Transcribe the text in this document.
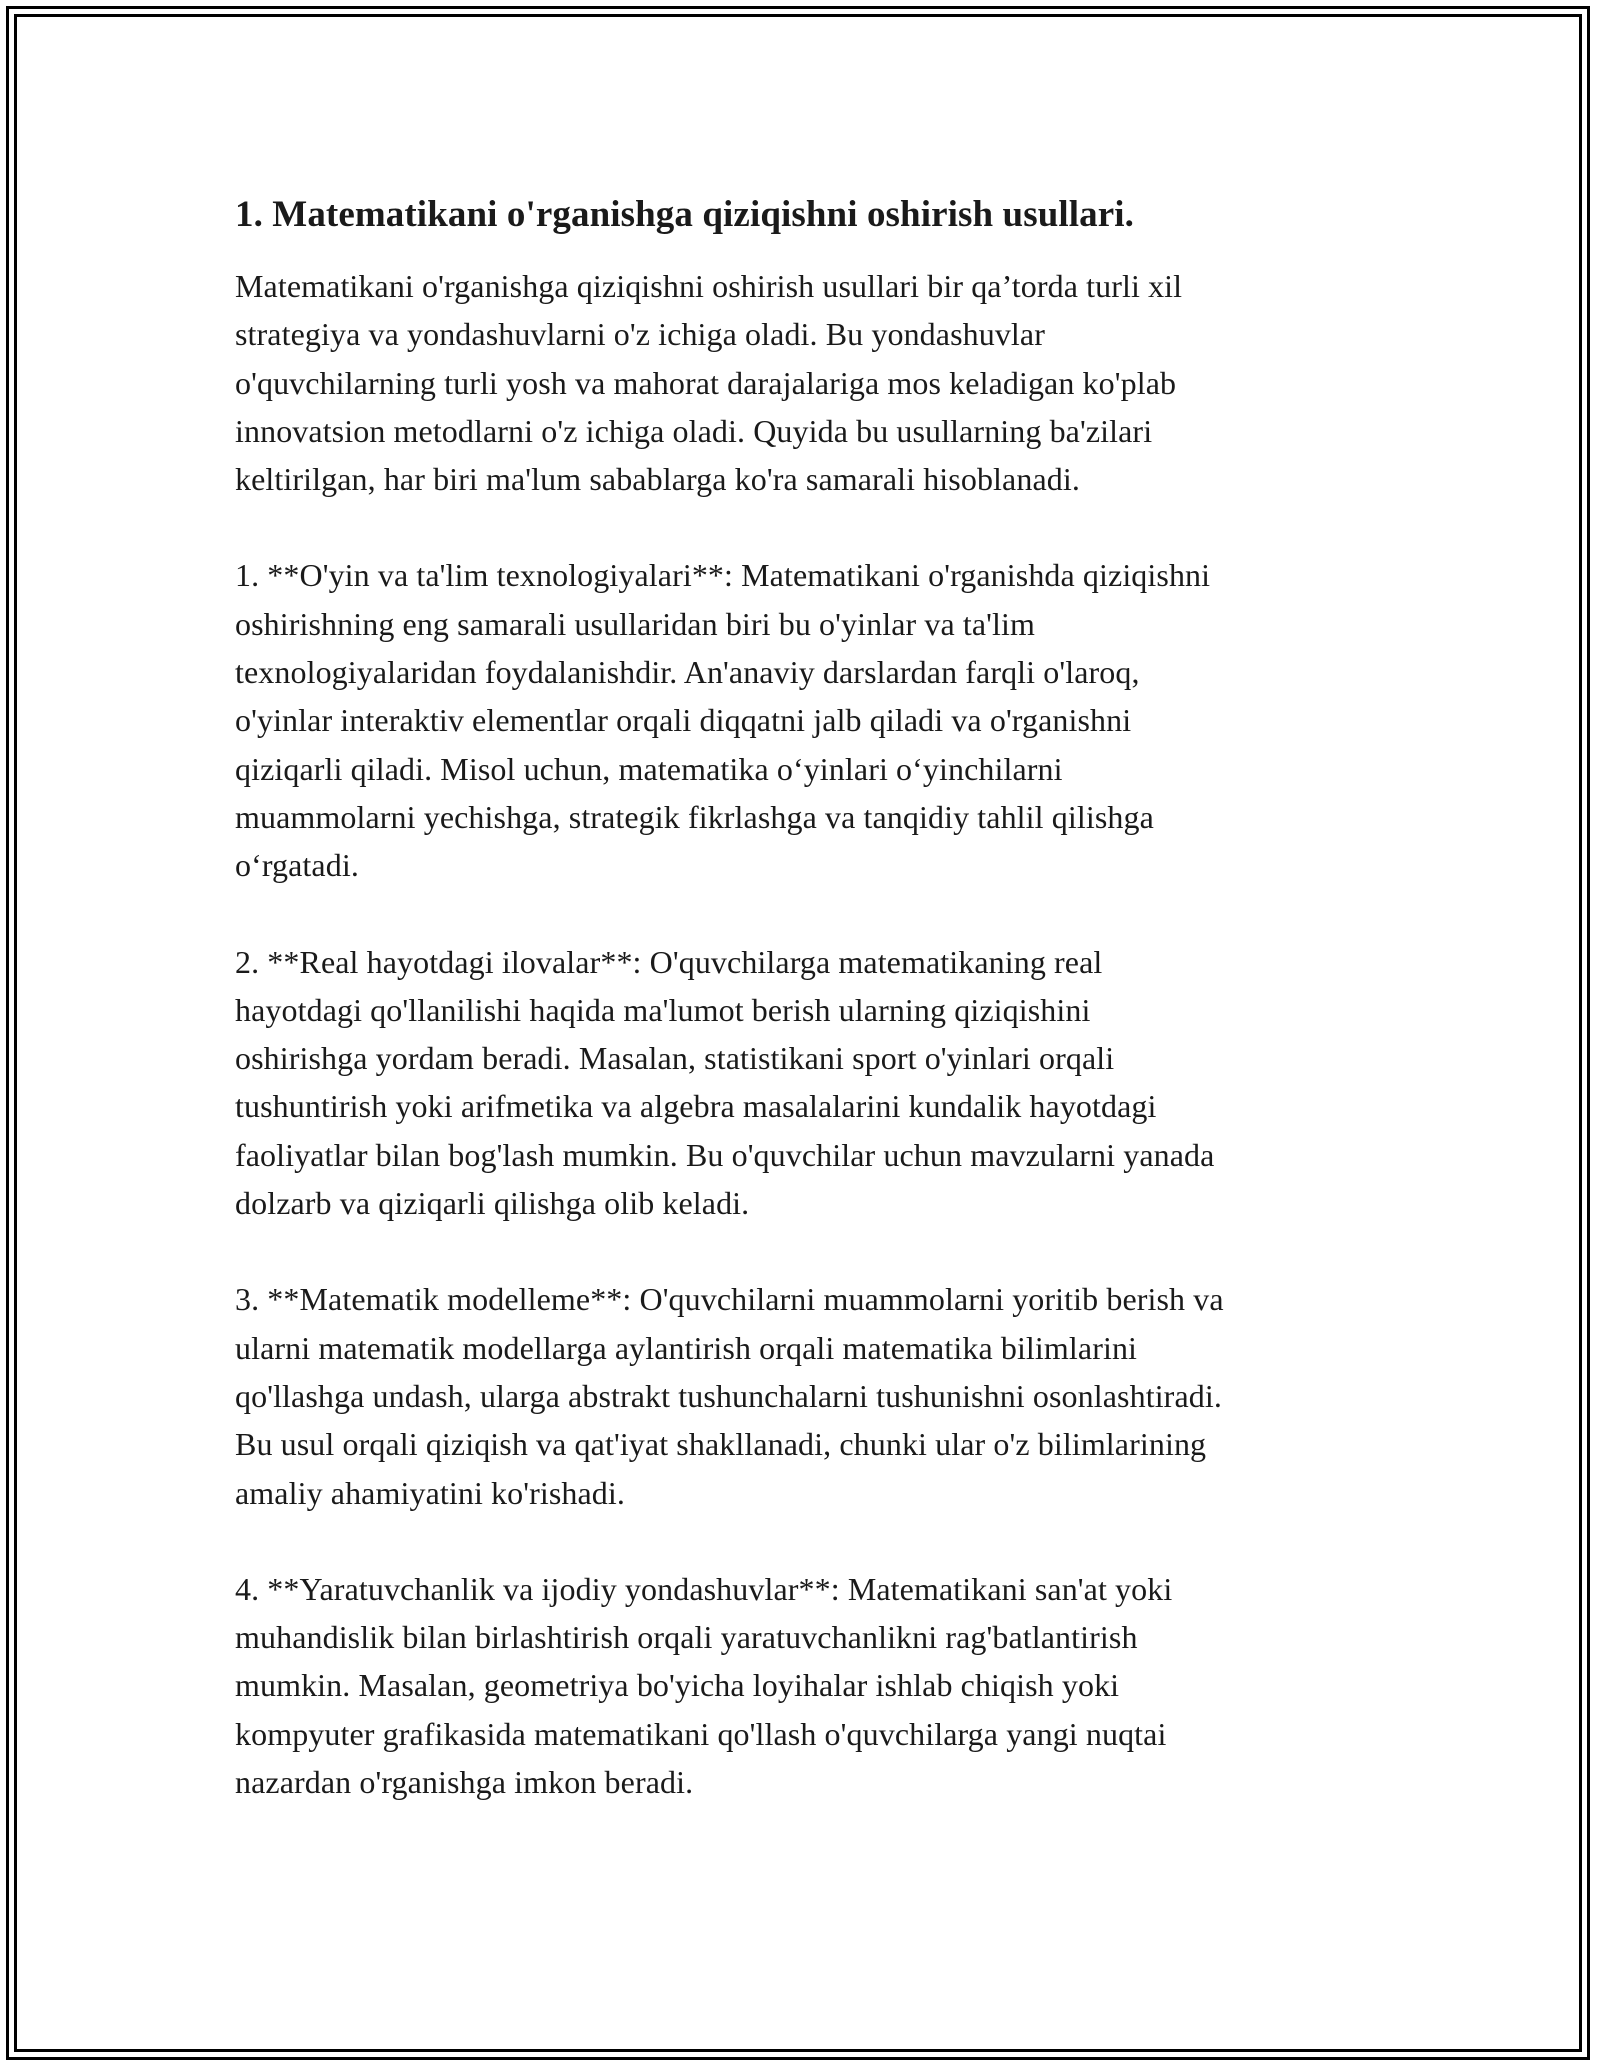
1. Matematikani o'rganishga qiziqishni oshirish usullari.

Matematikani o'rganishga qiziqishni oshirish usullari bir qa’torda turli xil
strategiya va yondashuvlarni o'z ichiga oladi. Bu yondashuvlar
o'quvchilarning turli yosh va mahorat darajalariga mos keladigan ko'plab
innovatsion metodlarni o'z ichiga oladi. Quyida bu usullarning ba'zilari
keltirilgan, har biri ma'lum sabablarga ko'ra samarali hisoblanadi.

1. **O'yin va ta'lim texnologiyalari**: Matematikani o'rganishda qiziqishni
oshirishning eng samarali usullaridan biri bu o'yinlar va ta'lim
texnologiyalaridan foydalanishdir. An'anaviy darslardan farqli o'laroq,
o'yinlar interaktiv elementlar orqali diqqatni jalb qiladi va o'rganishni
qiziqarli qiladi. Misol uchun, matematika o‘yinlari o‘yinchilarni
muammolarni yechishga, strategik fikrlashga va tanqidiy tahlil qilishga
o‘rgatadi.

2. **Real hayotdagi ilovalar**: O'quvchilarga matematikaning real
hayotdagi qo'llanilishi haqida ma'lumot berish ularning qiziqishini
oshirishga yordam beradi. Masalan, statistikani sport o'yinlari orqali
tushuntirish yoki arifmetika va algebra masalalarini kundalik hayotdagi
faoliyatlar bilan bog'lash mumkin. Bu o'quvchilar uchun mavzularni yanada
dolzarb va qiziqarli qilishga olib keladi.

3. **Matematik modelleme**: O'quvchilarni muammolarni yoritib berish va
ularni matematik modellarga aylantirish orqali matematika bilimlarini
qo'llashga undash, ularga abstrakt tushunchalarni tushunishni osonlashtiradi.
Bu usul orqali qiziqish va qat'iyat shakllanadi, chunki ular o'z bilimlarining
amaliy ahamiyatini ko'rishadi.

4. **Yaratuvchanlik va ijodiy yondashuvlar**: Matematikani san'at yoki
muhandislik bilan birlashtirish orqali yaratuvchanlikni rag'batlantirish
mumkin. Masalan, geometriya bo'yicha loyihalar ishlab chiqish yoki
kompyuter grafikasida matematikani qo'llash o'quvchilarga yangi nuqtai
nazardan o'rganishga imkon beradi.
